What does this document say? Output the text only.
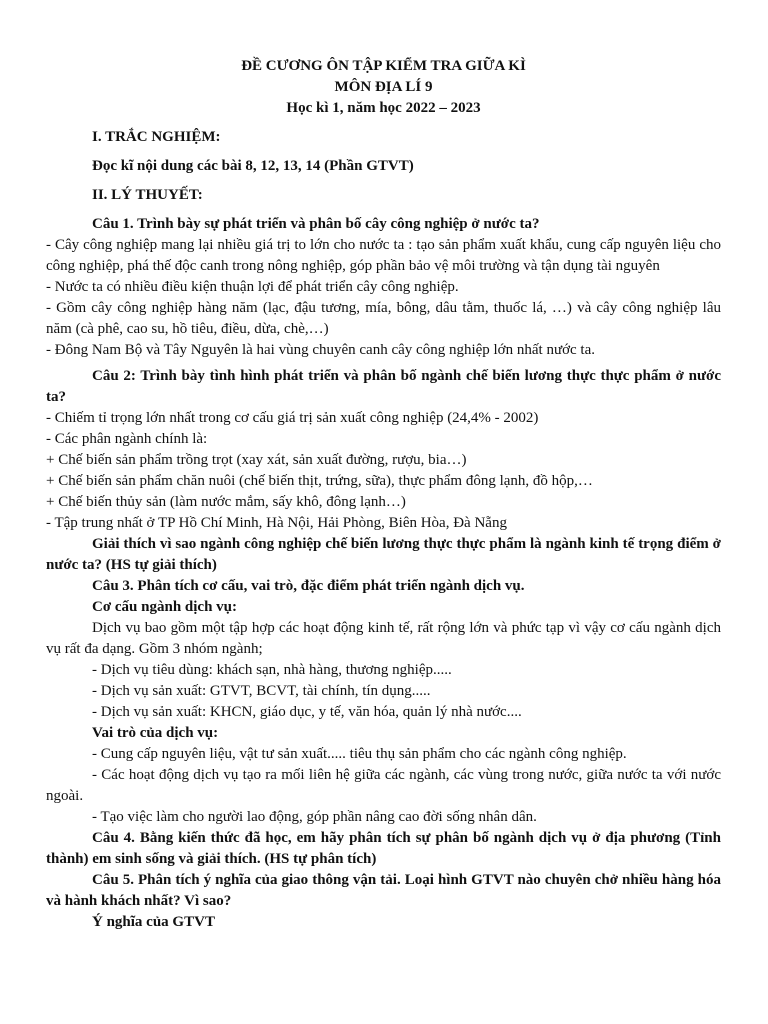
ĐỀ CƯƠNG ÔN TẬP KIỂM TRA GIỮA KÌ
MÔN ĐỊA LÍ 9
Học kì 1, năm học 2022 – 2023
I. TRẮC NGHIỆM:
Đọc kĩ nội dung các bài 8, 12, 13, 14 (Phần GTVT)
II. LÝ THUYẾT:

Câu 1. Trình bày sự phát triển và phân bố cây công nghiệp ở nước ta?

- Cây công nghiệp mang lại nhiều giá trị to lớn cho nước ta : tạo sản phẩm xuất khẩu, cung cấp nguyên liệu cho công nghiệp, phá thế độc canh trong nông nghiệp, góp phần bảo vệ môi trường và tận dụng tài nguyên

- Nước ta có nhiều điều kiện thuận lợi để phát triển cây công nghiệp.

- Gồm cây công nghiệp hàng năm (lạc, đậu tương, mía, bông, dâu tằm, thuốc lá, …) và cây công nghiệp lâu năm (cà phê, cao su, hồ tiêu, điều, dừa, chè,…)

- Đông Nam Bộ và Tây Nguyên là hai vùng chuyên canh cây công nghiệp lớn nhất nước ta.

Câu 2: Trình bày tình hình phát triển và phân bố ngành chế biến lương thực thực phẩm ở nước ta?

- Chiếm tỉ trọng lớn nhất trong cơ cấu giá trị sản xuất công nghiệp (24,4% - 2002)

- Các phân ngành chính là:

+ Chế biến sản phẩm trồng trọt (xay xát, sản xuất đường, rượu, bia…)

+ Chế biến sản phẩm chăn nuôi (chế biến thịt, trứng, sữa), thực phẩm đông lạnh, đồ hộp,…

+ Chế biến thủy sản (làm nước mắm, sấy khô, đông lạnh…)

- Tập trung nhất ở TP Hồ Chí Minh, Hà Nội, Hải Phòng, Biên Hòa, Đà Nẵng

Giải thích vì sao ngành công nghiệp chế biến lương thực thực phẩm là ngành kinh tế trọng điểm ở nước ta? (HS tự giải thích)

Câu 3. Phân tích cơ cấu, vai trò, đặc điểm phát triển ngành dịch vụ.

Cơ cấu ngành dịch vụ:

Dịch vụ bao gồm một tập hợp các hoạt động kinh tế, rất rộng lớn và phức tạp vì vậy cơ cấu ngành dịch vụ rất đa dạng. Gồm 3 nhóm ngành;

- Dịch vụ tiêu dùng: khách sạn, nhà hàng, thương nghiệp.....

- Dịch vụ sản xuất: GTVT, BCVT, tài chính, tín dụng.....

- Dịch vụ sản xuất: KHCN, giáo dục, y tế, văn hóa, quản lý nhà nước....

Vai trò của dịch vụ:

- Cung cấp nguyên liệu, vật tư sản xuất..... tiêu thụ sản phẩm cho các ngành công nghiệp.

- Các hoạt động dịch vụ tạo ra mối liên hệ giữa các ngành, các vùng trong nước, giữa nước ta với nước ngoài.

- Tạo việc làm cho người lao động, góp phần nâng cao đời sống nhân dân.

Câu 4. Bằng kiến thức đã học, em hãy phân tích sự phân bố ngành dịch vụ ở địa phương (Tỉnh thành) em sinh sống và giải thích. (HS tự phân tích)

Câu 5. Phân tích ý nghĩa của giao thông vận tải. Loại hình GTVT nào chuyên chở nhiều hàng hóa và hành khách nhất? Vì sao?

Ý nghĩa của GTVT
